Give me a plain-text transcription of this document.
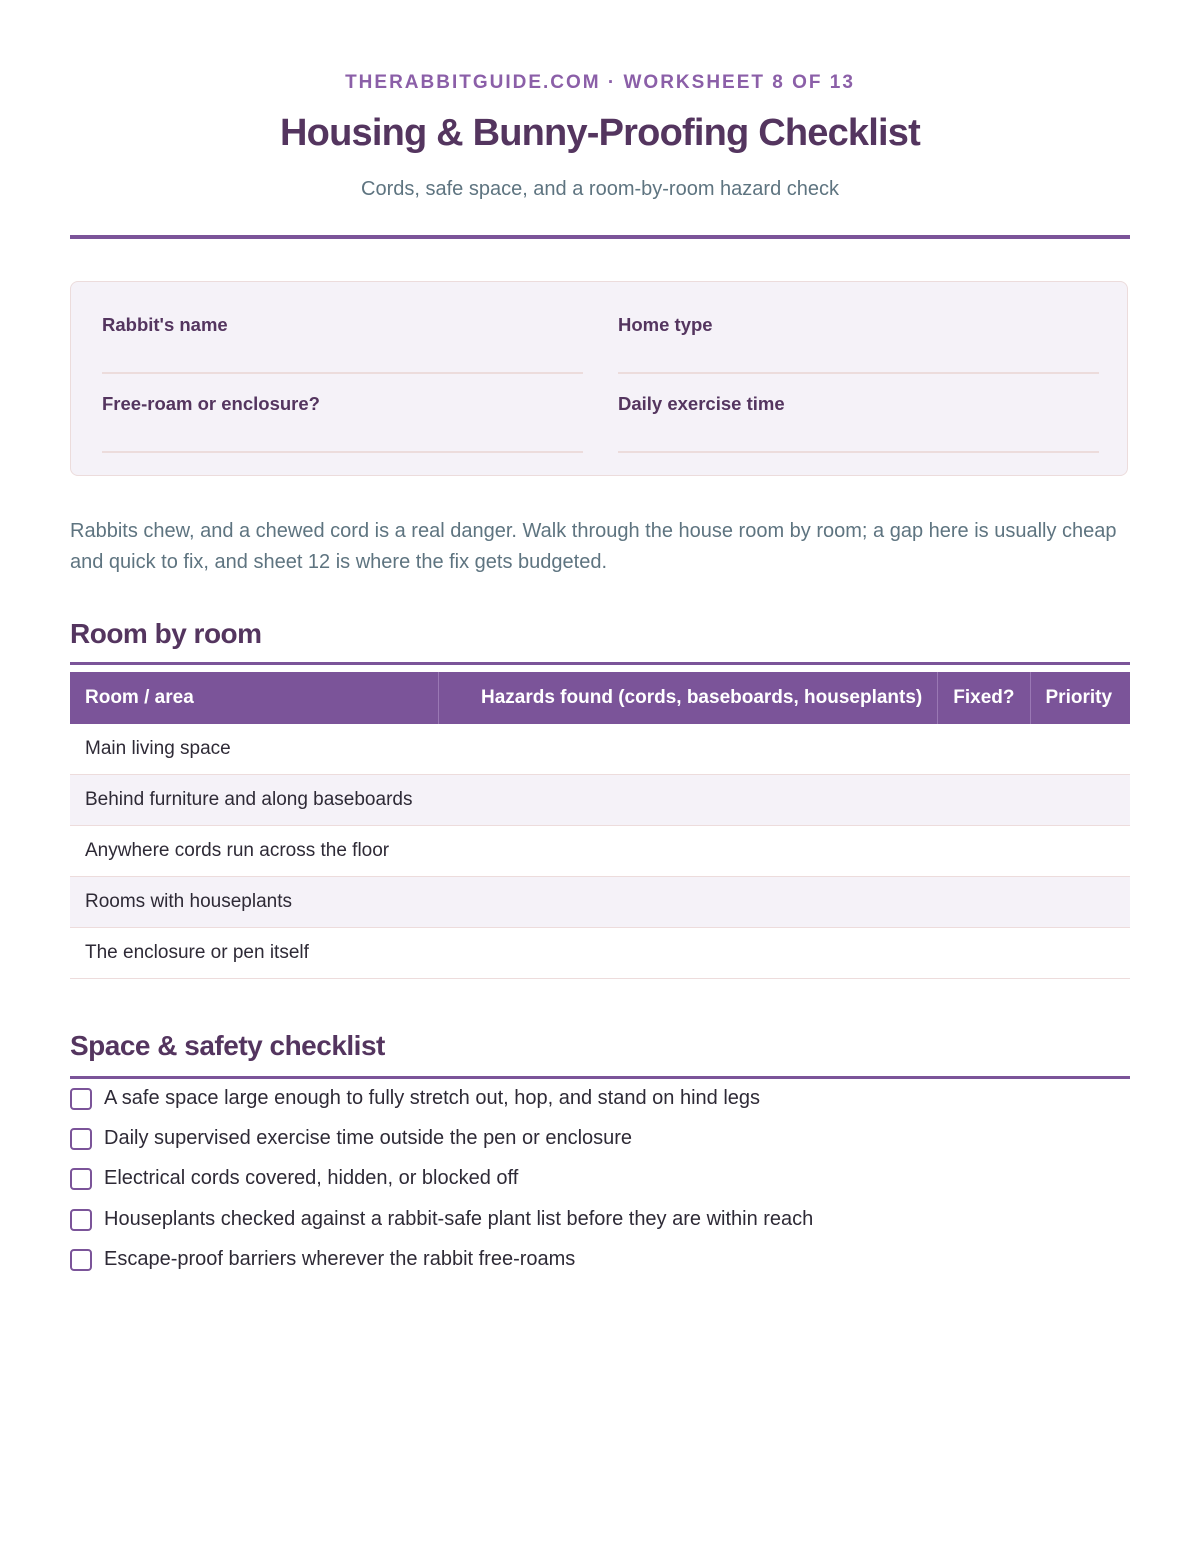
THERABBITGUIDE.COM · WORKSHEET 8 OF 13
Housing & Bunny-Proofing Checklist
Cords, safe space, and a room-by-room hazard check
Rabbit's name	Home type
Free-roam or enclosure?	Daily exercise time

Rabbits chew, and a chewed cord is a real danger. Walk through the house room by room; a gap here is usually cheap and quick to fix, and sheet 12 is where the fix gets budgeted.

Room by room
Room / area	Hazards found (cords, baseboards, houseplants)	Fixed?	Priority
Main living space			
Behind furniture and along baseboards			
Anywhere cords run across the floor			
Rooms with houseplants			
The enclosure or pen itself			
Space & safety checklist
A safe space large enough to fully stretch out, hop, and stand on hind legs
Daily supervised exercise time outside the pen or enclosure
Electrical cords covered, hidden, or blocked off
Houseplants checked against a rabbit-safe plant list before they are within reach
Escape-proof barriers wherever the rabbit free-roams
